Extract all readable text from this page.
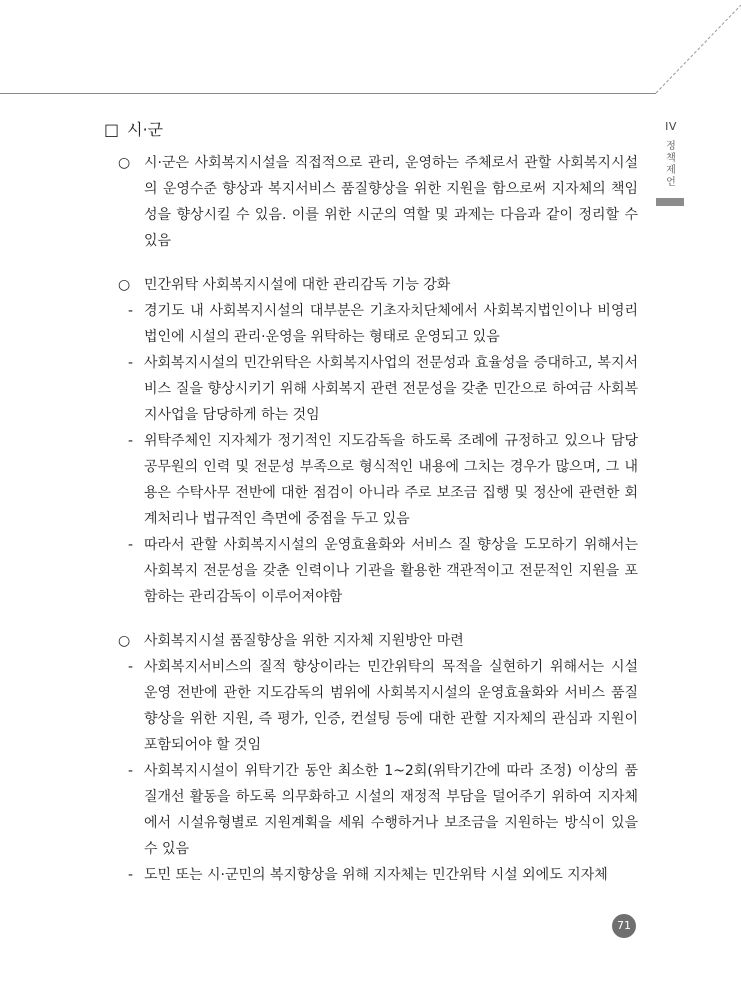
IV
정책 제언
□ 시·군

○ 시·군은 사회복지시설을 직접적으로 관리, 운영하는 주체로서 관할 사회복지시설의 운영수준 향상과 복지서비스 품질향상을 위한 지원을 함으로써 지자체의 책임성을 향상시킬 수 있음. 이를 위한 시군의 역할 및 과제는 다음과 같이 정리할 수 있음

○ 민간위탁 사회복지시설에 대한 관리감독 기능 강화

- 경기도 내 사회복지시설의 대부분은 기초자치단체에서 사회복지법인이나 비영리법인에 시설의 관리·운영을 위탁하는 형태로 운영되고 있음

- 사회복지시설의 민간위탁은 사회복지사업의 전문성과 효율성을 증대하고, 복지서비스 질을 향상시키기 위해 사회복지 관련 전문성을 갖춘 민간으로 하여금 사회복지사업을 담당하게 하는 것임

- 위탁주체인 지자체가 정기적인 지도감독을 하도록 조례에 규정하고 있으나 담당 공무원의 인력 및 전문성 부족으로 형식적인 내용에 그치는 경우가 많으며, 그 내용은 수탁사무 전반에 대한 점검이 아니라 주로 보조금 집행 및 정산에 관련한 회계처리나 법규적인 측면에 중점을 두고 있음

- 따라서 관할 사회복지시설의 운영효율화와 서비스 질 향상을 도모하기 위해서는 사회복지 전문성을 갖춘 인력이나 기관을 활용한 객관적이고 전문적인 지원을 포함하는 관리감독이 이루어져야함

○ 사회복지시설 품질향상을 위한 지자체 지원방안 마련

- 사회복지서비스의 질적 향상이라는 민간위탁의 목적을 실현하기 위해서는 시설 운영 전반에 관한 지도감독의 범위에 사회복지시설의 운영효율화와 서비스 품질향상을 위한 지원, 즉 평가, 인증, 컨설팅 등에 대한 관할 지자체의 관심과 지원이 포함되어야 할 것임

- 사회복지시설이 위탁기간 동안 최소한 1~2회(위탁기간에 따라 조정) 이상의 품질개선 활동을 하도록 의무화하고 시설의 재정적 부담을 덜어주기 위하여 지자체에서 시설유형별로 지원계획을 세워 수행하거나 보조금을 지원하는 방식이 있을 수 있음

- 도민 또는 시·군민의 복지향상을 위해 지자체는 민간위탁 시설 외에도 지자체

71
